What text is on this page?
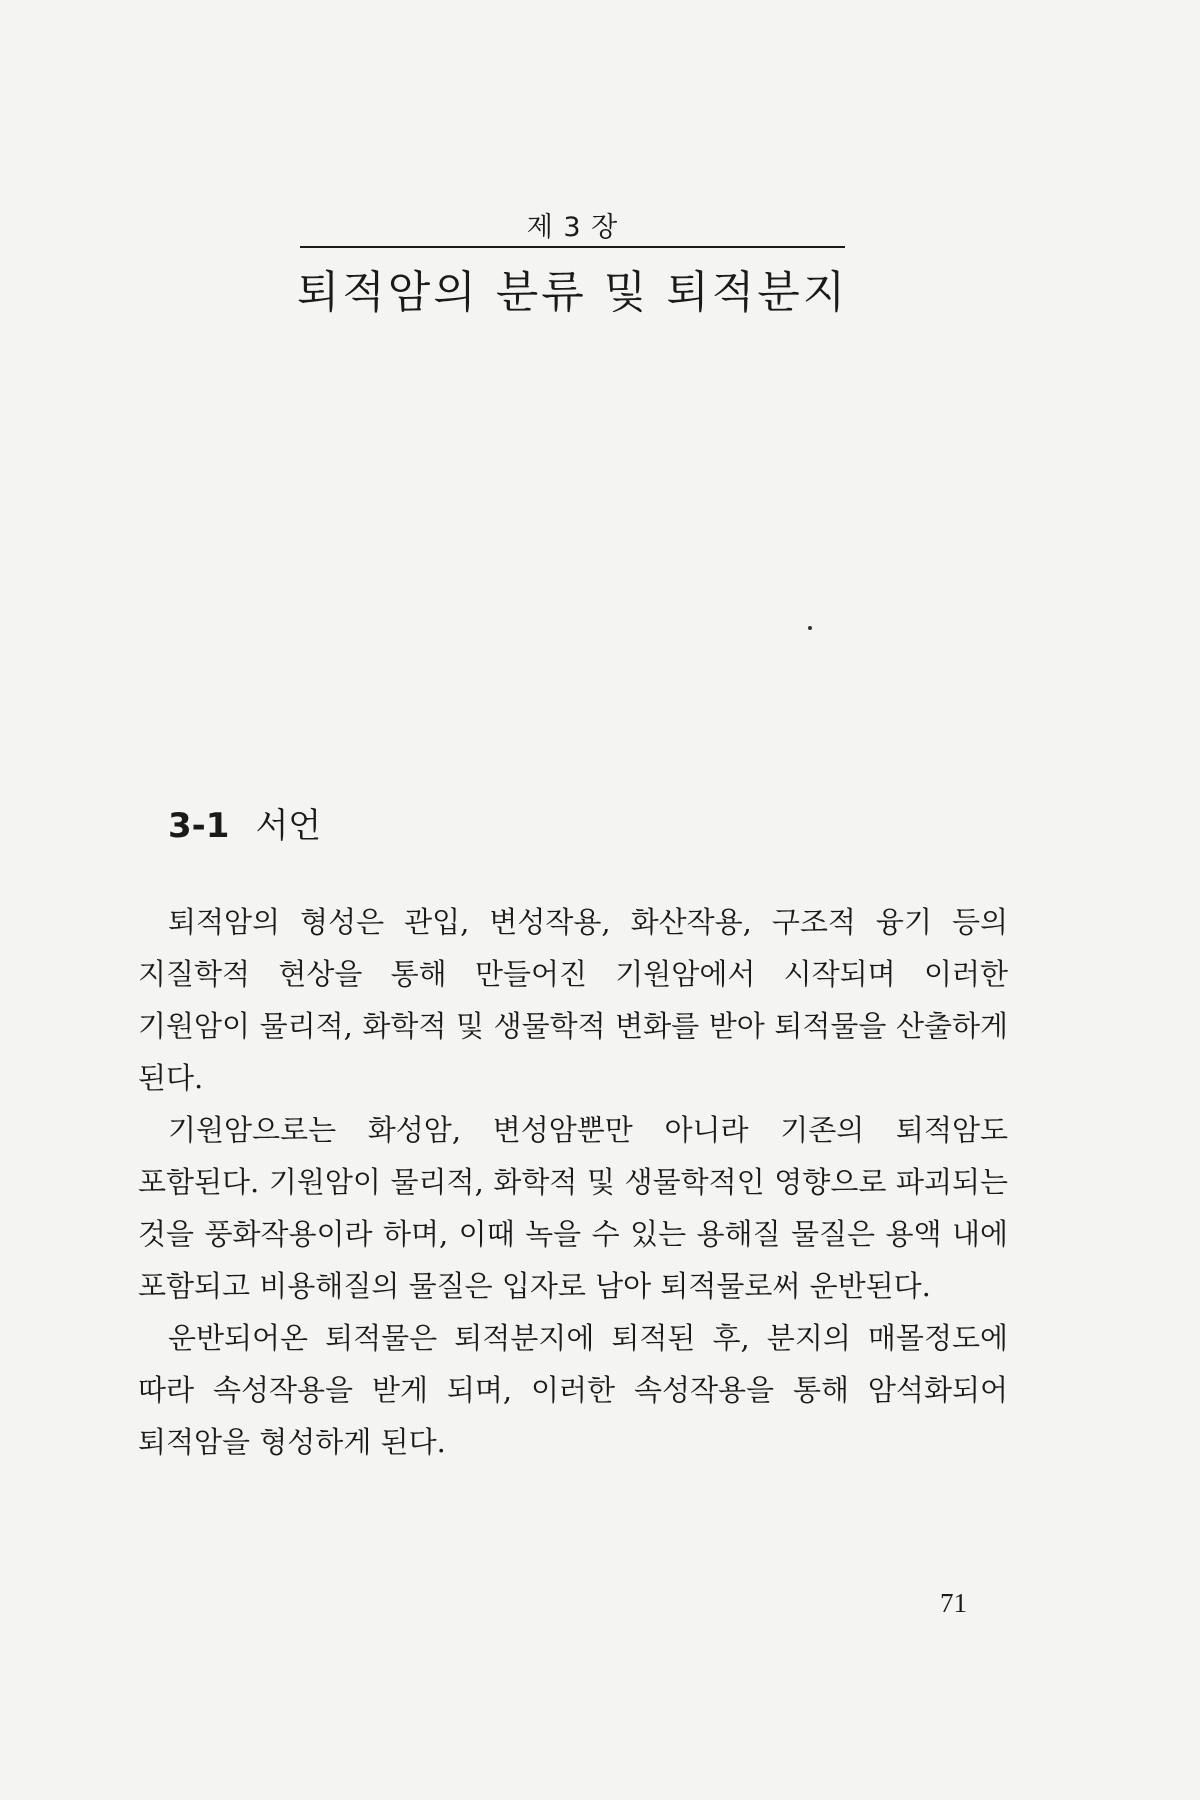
제 3 장
퇴적암의 분류 및 퇴적분지
3-1 서언

퇴적암의 형성은 관입, 변성작용, 화산작용, 구조적 융기 등의 지질학적 현상을 통해 만들어진 기원암에서 시작되며 이러한 기원암이 물리적, 화학적 및 생물학적 변화를 받아 퇴적물을 산출하게 된다.

기원암으로는 화성암, 변성암뿐만 아니라 기존의 퇴적암도 포함된다. 기원암이 물리적, 화학적 및 생물학적인 영향으로 파괴되는 것을 풍화작용이라 하며, 이때 녹을 수 있는 용해질 물질은 용액 내에 포함되고 비용해질의 물질은 입자로 남아 퇴적물로써 운반된다.

운반되어온 퇴적물은 퇴적분지에 퇴적된 후, 분지의 매몰정도에 따라 속성작용을 받게 되며, 이러한 속성작용을 통해 암석화되어 퇴적암을 형성하게 된다.

71
